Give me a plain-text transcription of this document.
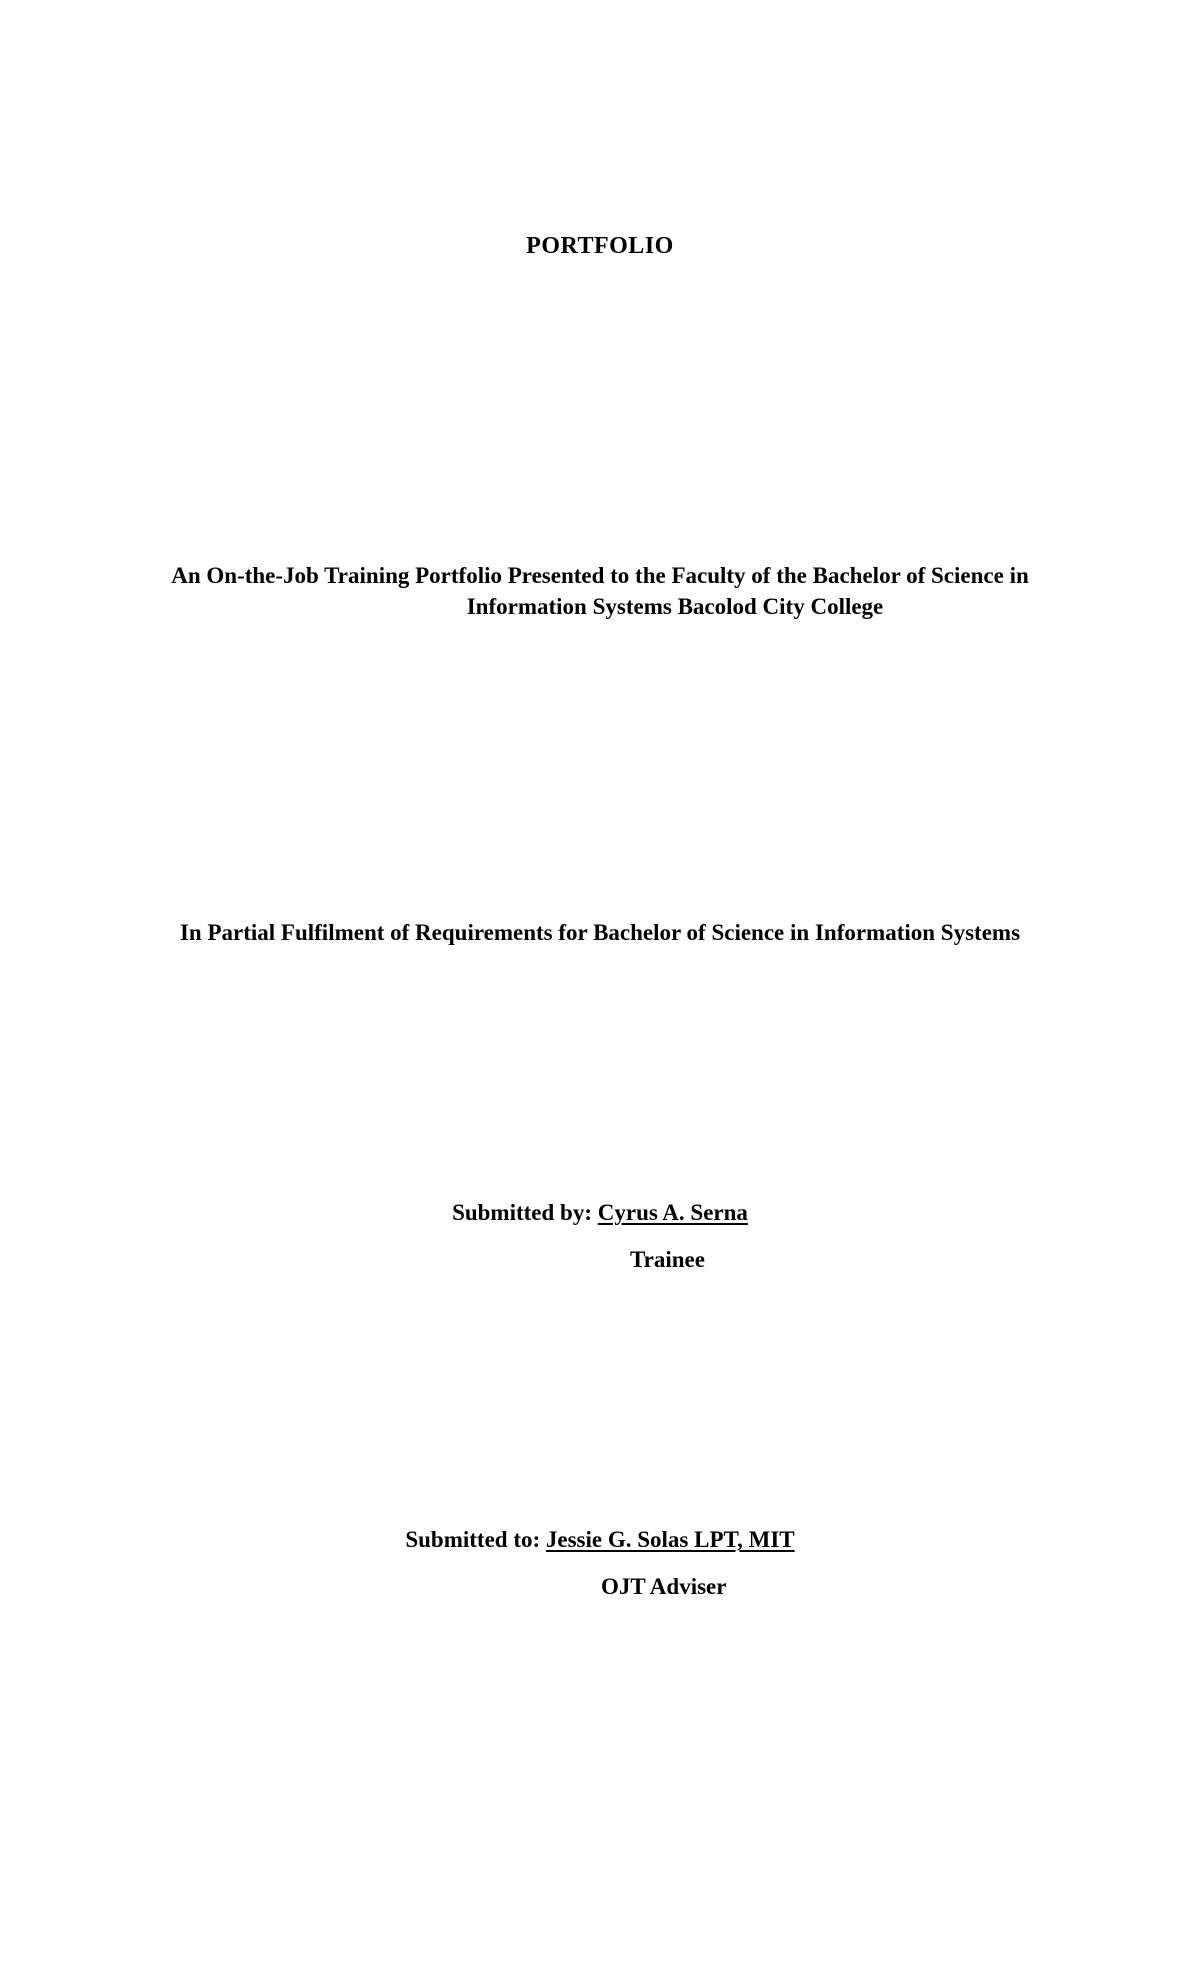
PORTFOLIO
An On-the-Job Training Portfolio Presented to the Faculty of the Bachelor of Science in
Information Systems Bacolod City College
In Partial Fulfilment of Requirements for Bachelor of Science in Information Systems
Submitted by: Cyrus A. Serna
Trainee
Submitted to: Jessie G. Solas LPT, MIT
OJT Adviser
